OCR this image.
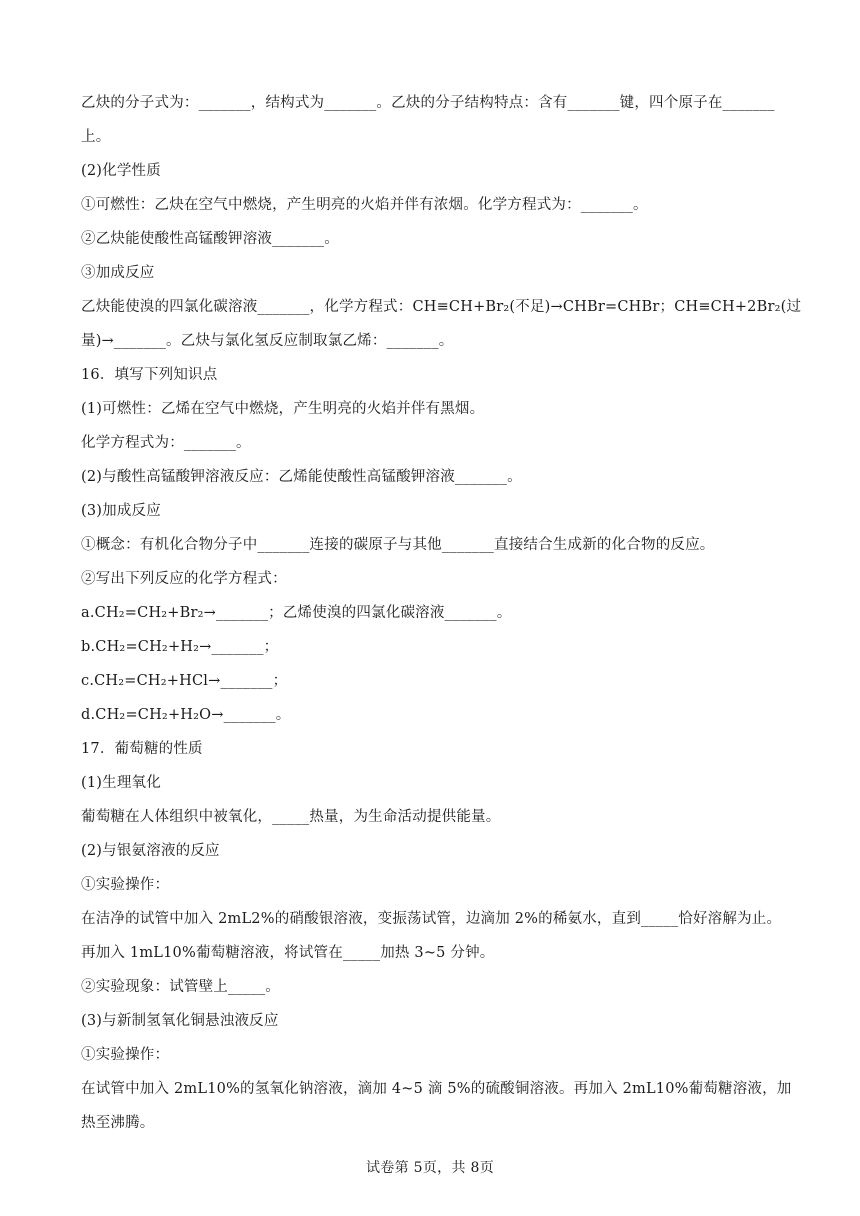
乙炔的分子式为：_______，结构式为_______。乙炔的分子结构特点：含有_______键，四个原子在_______
上。
(2)化学性质
①可燃性：乙炔在空气中燃烧，产生明亮的火焰并伴有浓烟。化学方程式为：_______。
②乙炔能使酸性高锰酸钾溶液_______。
③加成反应
乙炔能使溴的四氯化碳溶液_______，化学方程式：CH≡CH+Br₂(不足)→CHBr=CHBr；CH≡CH+2Br₂(过
量)→_______。乙炔与氯化氢反应制取氯乙烯：_______。
16．填写下列知识点
(1)可燃性：乙烯在空气中燃烧，产生明亮的火焰并伴有黑烟。
化学方程式为：_______。
(2)与酸性高锰酸钾溶液反应：乙烯能使酸性高锰酸钾溶液_______。
(3)加成反应
①概念：有机化合物分子中_______连接的碳原子与其他_______直接结合生成新的化合物的反应。
②写出下列反应的化学方程式：
a.CH₂=CH₂+Br₂→_______；乙烯使溴的四氯化碳溶液_______。
b.CH₂=CH₂+H₂→_______；
c.CH₂=CH₂+HCl→_______；
d.CH₂=CH₂+H₂O→_______。
17．葡萄糖的性质
(1)生理氧化
葡萄糖在人体组织中被氧化，_____热量，为生命活动提供能量。
(2)与银氨溶液的反应
①实验操作：
在洁净的试管中加入 2mL2%的硝酸银溶液，变振荡试管，边滴加 2%的稀氨水，直到_____恰好溶解为止。
再加入 1mL10%葡萄糖溶液，将试管在_____加热 3~5 分钟。
②实验现象：试管壁上_____。
(3)与新制氢氧化铜悬浊液反应
①实验操作：
在试管中加入 2mL10%的氢氧化钠溶液，滴加 4~5 滴 5%的硫酸铜溶液。再加入 2mL10%葡萄糖溶液，加
热至沸腾。
试卷第 5页，共 8页
